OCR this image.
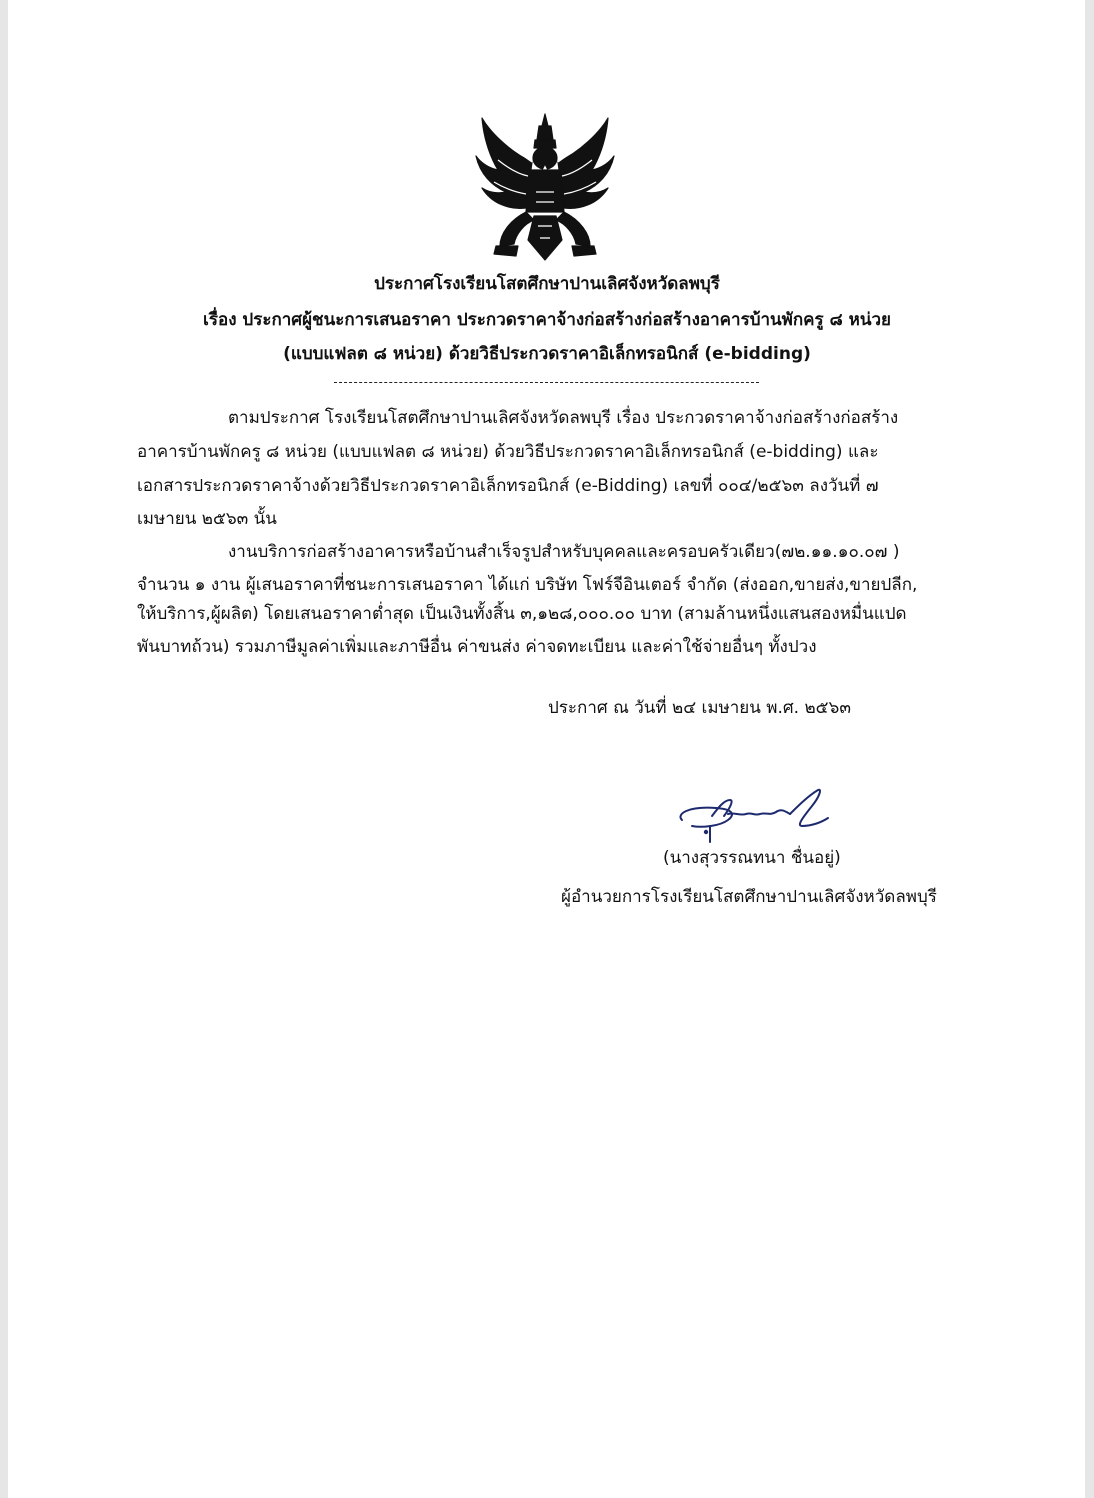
ประกาศโรงเรียนโสตศึกษาปานเลิศจังหวัดลพบุรี
เรื่อง ประกาศผู้ชนะการเสนอราคา ประกวดราคาจ้างก่อสร้างก่อสร้างอาคารบ้านพักครู ๘ หน่วย
(แบบแฟลต ๘ หน่วย) ด้วยวิธีประกวดราคาอิเล็กทรอนิกส์ (e-bidding)
ตามประกาศ โรงเรียนโสตศึกษาปานเลิศจังหวัดลพบุรี เรื่อง ประกวดราคาจ้างก่อสร้างก่อสร้าง
อาคารบ้านพักครู ๘ หน่วย (แบบแฟลต ๘ หน่วย) ด้วยวิธีประกวดราคาอิเล็กทรอนิกส์ (e-bidding) และ
เอกสารประกวดราคาจ้างด้วยวิธีประกวดราคาอิเล็กทรอนิกส์ (e-Bidding) เลขที่ ๐๐๔/๒๕๖๓ ลงวันที่ ๗
เมษายน ๒๕๖๓ นั้น
งานบริการก่อสร้างอาคารหรือบ้านสำเร็จรูปสำหรับบุคคลและครอบครัวเดียว(๗๒.๑๑.๑๐.๐๗ )
จำนวน ๑ งาน ผู้เสนอราคาที่ชนะการเสนอราคา ได้แก่ บริษัท โฟร์จีอินเตอร์ จำกัด (ส่งออก,ขายส่ง,ขายปลีก,
ให้บริการ,ผู้ผลิต) โดยเสนอราคาต่ำสุด เป็นเงินทั้งสิ้น ๓,๑๒๘,๐๐๐.๐๐ บาท (สามล้านหนึ่งแสนสองหมื่นแปด
พันบาทถ้วน) รวมภาษีมูลค่าเพิ่มและภาษีอื่น ค่าขนส่ง ค่าจดทะเบียน และค่าใช้จ่ายอื่นๆ ทั้งปวง
ประกาศ ณ วันที่ ๒๔ เมษายน พ.ศ. ๒๕๖๓
(นางสุวรรณทนา ชื่นอยู่)
ผู้อำนวยการโรงเรียนโสตศึกษาปานเลิศจังหวัดลพบุรี
